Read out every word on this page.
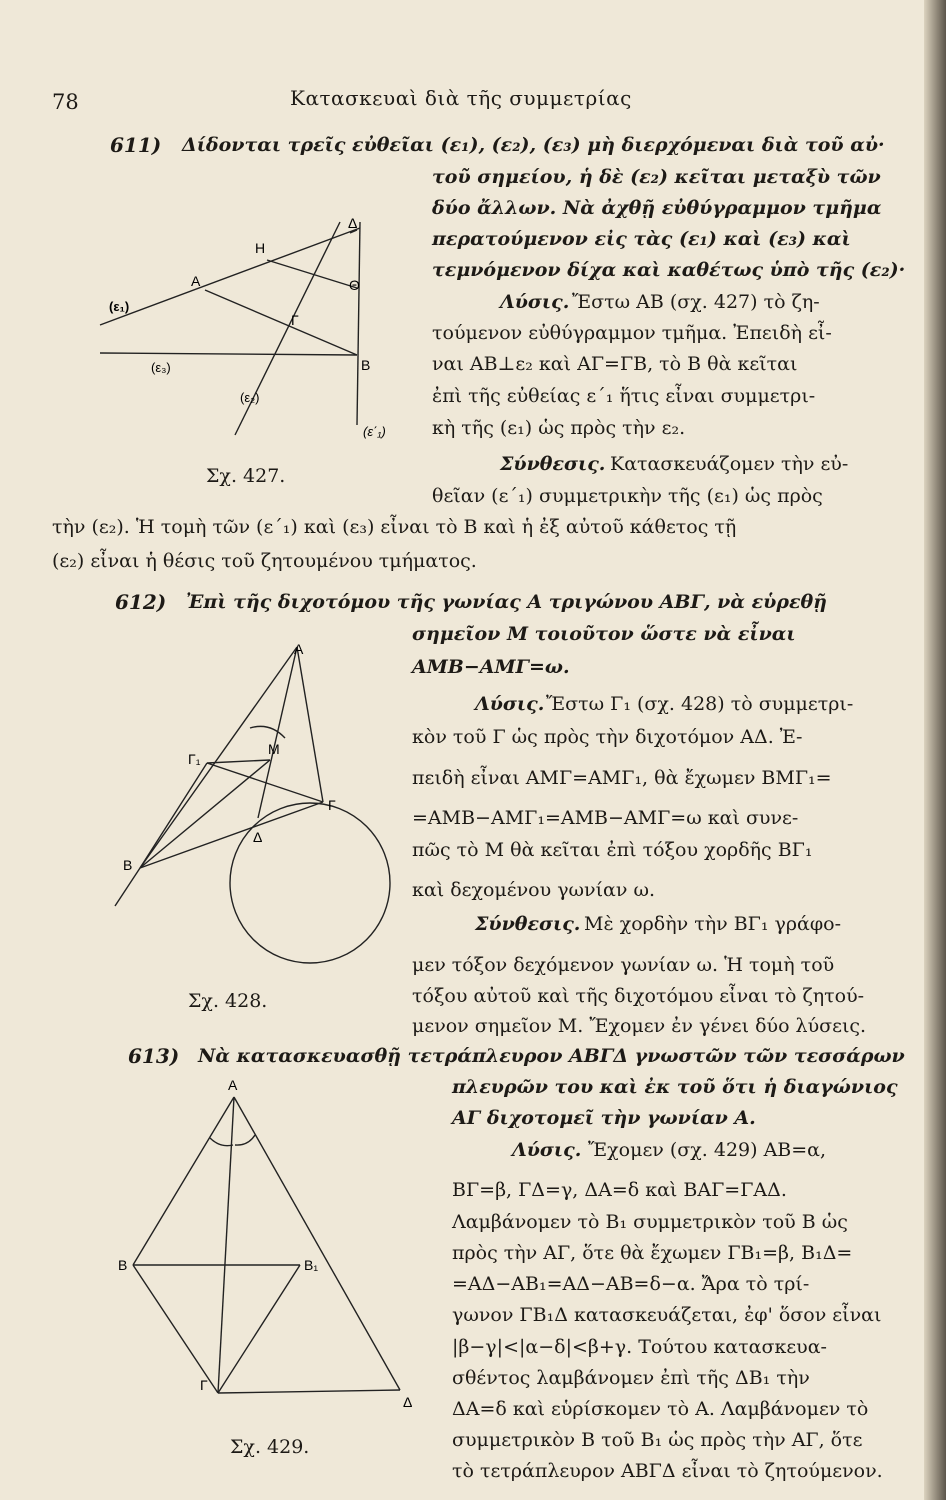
78	Κατασκευαὶ διὰ τῆς συμμετρίας
611) Δίδονται τρεῖς εὐθεῖαι (ε₁), (ε₂), (ε₃) μὴ διερχόμεναι διὰ τοῦ αὐ·
τοῦ σημείου, ἡ δὲ (ε₂) κεῖται μεταξὺ τῶν
δύο ἄλλων. Νὰ ἀχθῇ εὐθύγραμμον τμῆμα
περατούμενον εἰς τὰς (ε₁) καὶ (ε₃) καὶ
τεμνόμενον δίχα καὶ καθέτως ὑπὸ τῆς (ε₂)·
Λύσις. Ἔστω ΑΒ (σχ. 427) τὸ ζη-
τούμενον εὐθύγραμμον τμῆμα. Ἐπειδὴ εἶ-
ναι ΑΒ⊥ε₂ καὶ ΑΓ=ΓΒ, τὸ Β θὰ κεῖται
ἐπὶ τῆς εὐθείας ε΄₁ ἥτις εἶναι συμμετρι-
κὴ τῆς (ε₁) ὡς πρὸς τὴν ε₂.
Σύνθεσις. Κατασκευάζομεν τὴν εὐ-
θεῖαν (ε΄₁) συμμετρικὴν τῆς (ε₁) ὡς πρὸς
τὴν (ε₂). Ἡ τομὴ τῶν (ε΄₁) καὶ (ε₃) εἶναι τὸ Β καὶ ἡ ἐξ αὐτοῦ κάθετος τῇ
(ε₂) εἶναι ἡ θέσις τοῦ ζητουμένου τμήματος.
Α
Η
Δ
Θ
Γ
Β
(ε₁)
(ε₃)
(ε₂)
(ε΄₁)
Σχ. 427.
612) Ἐπὶ τῆς διχοτόμου τῆς γωνίας Α τριγώνου ΑΒΓ, νὰ εὑρεθῇ
σημεῖον Μ τοιοῦτον ὥστε νὰ εἶναι
ΑΜΒ−ΑΜΓ=ω.
Λύσις. Ἔστω Γ₁ (σχ. 428) τὸ συμμετρι-
κὸν τοῦ Γ ὡς πρὸς τὴν διχοτόμον ΑΔ. Ἐ-
πειδὴ εἶναι ΑΜΓ=ΑΜΓ₁, θὰ ἔχωμεν ΒΜΓ₁=
=ΑΜΒ−ΑΜΓ₁=ΑΜΒ−ΑΜΓ=ω καὶ συνε-
πῶς τὸ Μ θὰ κεῖται ἐπὶ τόξου χορδῆς ΒΓ₁
καὶ δεχομένου γωνίαν ω.
Σύνθεσις. Μὲ χορδὴν τὴν ΒΓ₁ γράφο-
μεν τόξον δεχόμενον γωνίαν ω. Ἡ τομὴ τοῦ
τόξου αὐτοῦ καὶ τῆς διχοτόμου εἶναι τὸ ζητού-
μενον σημεῖον Μ. Ἔχομεν ἐν γένει δύο λύσεις.
Α
Γ₁
Μ
Γ
Δ
Β
Σχ. 428.
613) Νὰ κατασκευασθῇ τετράπλευρον ΑΒΓΔ γνωστῶν τῶν τεσσάρων
πλευρῶν του καὶ ἐκ τοῦ ὅτι ἡ διαγώνιος
ΑΓ διχοτομεῖ τὴν γωνίαν Α.
Λύσις. Ἔχομεν (σχ. 429) ΑΒ=α,
ΒΓ=β, ΓΔ=γ, ΔΑ=δ καὶ ΒΑΓ=ΓΑΔ.
Λαμβάνομεν τὸ Β₁ συμμετρικὸν τοῦ Β ὡς
πρὸς τὴν ΑΓ, ὅτε θὰ ἔχωμεν ΓΒ₁=β, Β₁Δ=
=ΑΔ−ΑΒ₁=ΑΔ−ΑΒ=δ−α. Ἄρα τὸ τρί-
γωνον ΓΒ₁Δ κατασκευάζεται, ἐφ' ὅσον εἶναι
|β−γ|<|α−δ|<β+γ. Τούτου κατασκευα-
σθέντος λαμβάνομεν ἐπὶ τῆς ΔΒ₁ τὴν
ΔΑ=δ καὶ εὑρίσκομεν τὸ Α. Λαμβάνομεν τὸ
συμμετρικὸν Β τοῦ Β₁ ὡς πρὸς τὴν ΑΓ, ὅτε
τὸ τετράπλευρον ΑΒΓΔ εἶναι τὸ ζητούμενον.
Α
Β	Β₁
Γ
Δ
Σχ. 429.
